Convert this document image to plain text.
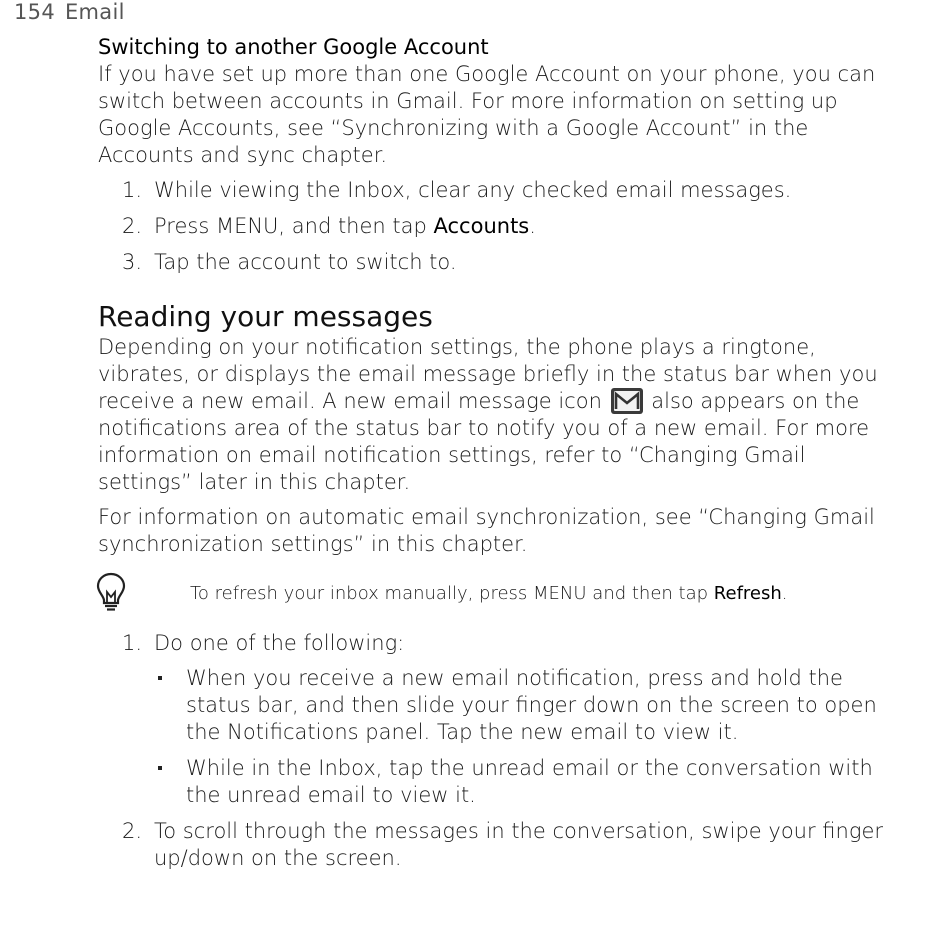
154 Email
Switching to another Google Account

If you have set up more than one Google Account on your phone, you can switch between accounts in Gmail. For more information on setting up Google Accounts, see “Synchronizing with a Google Account” in the Accounts and sync chapter.

1. While viewing the Inbox, clear any checked email messages.
2. Press MENU, and then tap Accounts.
3. Tap the account to switch to.
Reading your messages

Depending on your notification settings, the phone plays a ringtone, vibrates, or displays the email message briefly in the status bar when you receive a new email. A new email message icon also appears on the notifications area of the status bar to notify you of a new email. For more information on email notification settings, refer to “Changing Gmail settings” later in this chapter.

For information on automatic email synchronization, see “Changing Gmail synchronization settings” in this chapter.

To refresh your inbox manually, press MENU and then tap Refresh.
1. Do one of the following:
When you receive a new email notification, press and hold the status bar, and then slide your finger down on the screen to open the Notifications panel. Tap the new email to view it.
While in the Inbox, tap the unread email or the conversation with the unread email to view it.
2. To scroll through the messages in the conversation, swipe your finger up/down on the screen.
